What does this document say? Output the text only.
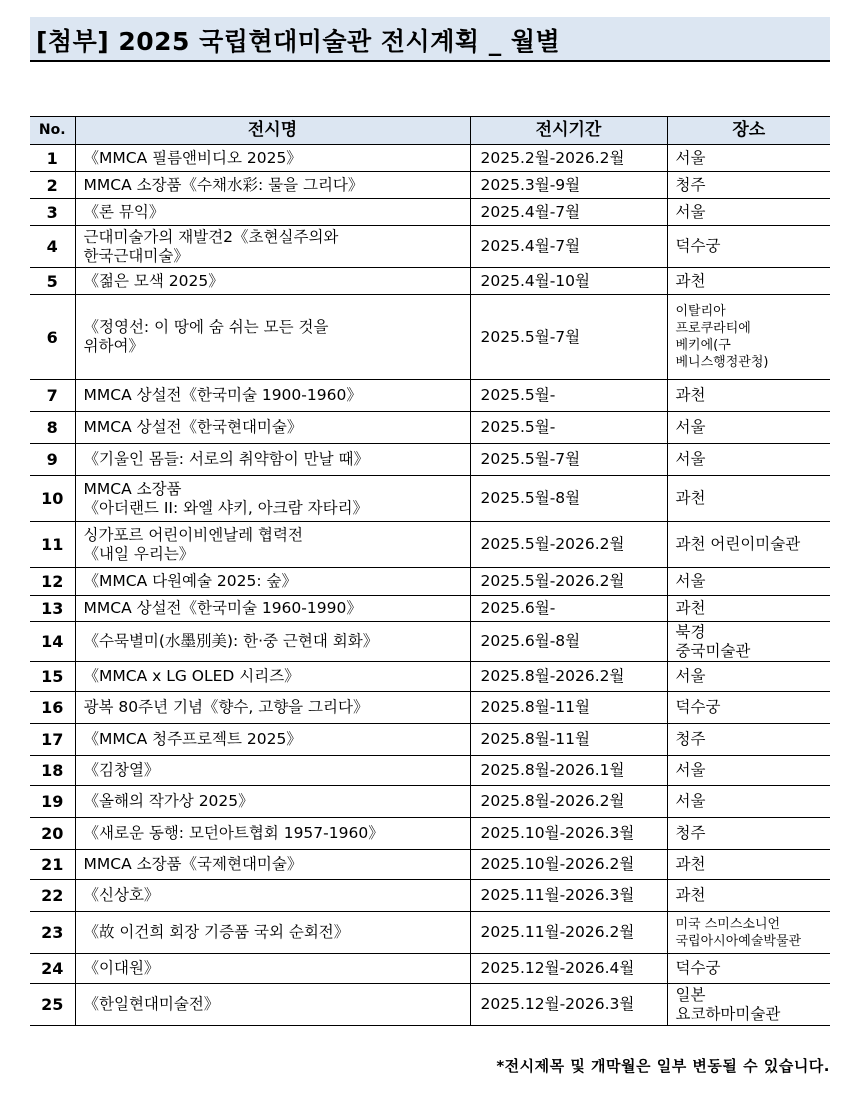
[첨부] 2025 국립현대미술관 전시계획 _ 월별
No.	전시명	전시기간	장소
1	《MMCA 필름앤비디오 2025》	2025.2월-2026.2월	서울

2	MMCA 소장품《수채水彩: 물을 그리다》	2025.3월-9월	청주

3	《론 뮤익》	2025.4월-7월	서울

4	근대미술가의 재발견2《초현실주의와
한국근대미술》	2025.4월-7월	덕수궁

5	《젊은 모색 2025》	2025.4월-10월	과천

6	《정영선: 이 땅에 숨 쉬는 모든 것을
위하여》	2025.5월-7월	이탈리아
프로쿠라티에
베키에(구
베니스행정관청)

7	MMCA 상설전《한국미술 1900-1960》	2025.5월-	과천

8	MMCA 상설전《한국현대미술》	2025.5월-	서울

9	《기울인 몸들: 서로의 취약함이 만날 때》	2025.5월-7월	서울

10	MMCA 소장품
《아더랜드 II: 와엘 샤키, 아크람 자타리》	2025.5월-8월	과천

11	싱가포르 어린이비엔날레 협력전
《내일 우리는》	2025.5월-2026.2월	과천 어린이미술관

12	《MMCA 다원예술 2025: 숲》	2025.5월-2026.2월	서울

13	MMCA 상설전《한국미술 1960-1990》	2025.6월-	과천

14	《수묵별미(水墨別美): 한·중 근현대 회화》	2025.6월-8월	북경
중국미술관

15	《MMCA x LG OLED 시리즈》	2025.8월-2026.2월	서울

16	광복 80주년 기념《향수, 고향을 그리다》	2025.8월-11월	덕수궁

17	《MMCA 청주프로젝트 2025》	2025.8월-11월	청주

18	《김창열》	2025.8월-2026.1월	서울

19	《올해의 작가상 2025》	2025.8월-2026.2월	서울

20	《새로운 동행: 모던아트협회 1957-1960》	2025.10월-2026.3월	청주

21	MMCA 소장품《국제현대미술》	2025.10월-2026.2월	과천

22	《신상호》	2025.11월-2026.3월	과천

23	《故 이건희 회장 기증품 국외 순회전》	2025.11월-2026.2월	미국 스미스소니언
국립아시아예술박물관

24	《이대원》	2025.12월-2026.4월	덕수궁

25	《한일현대미술전》	2025.12월-2026.3월	일본
요코하마미술관
*전시제목 및 개막월은 일부 변동될 수 있습니다.
